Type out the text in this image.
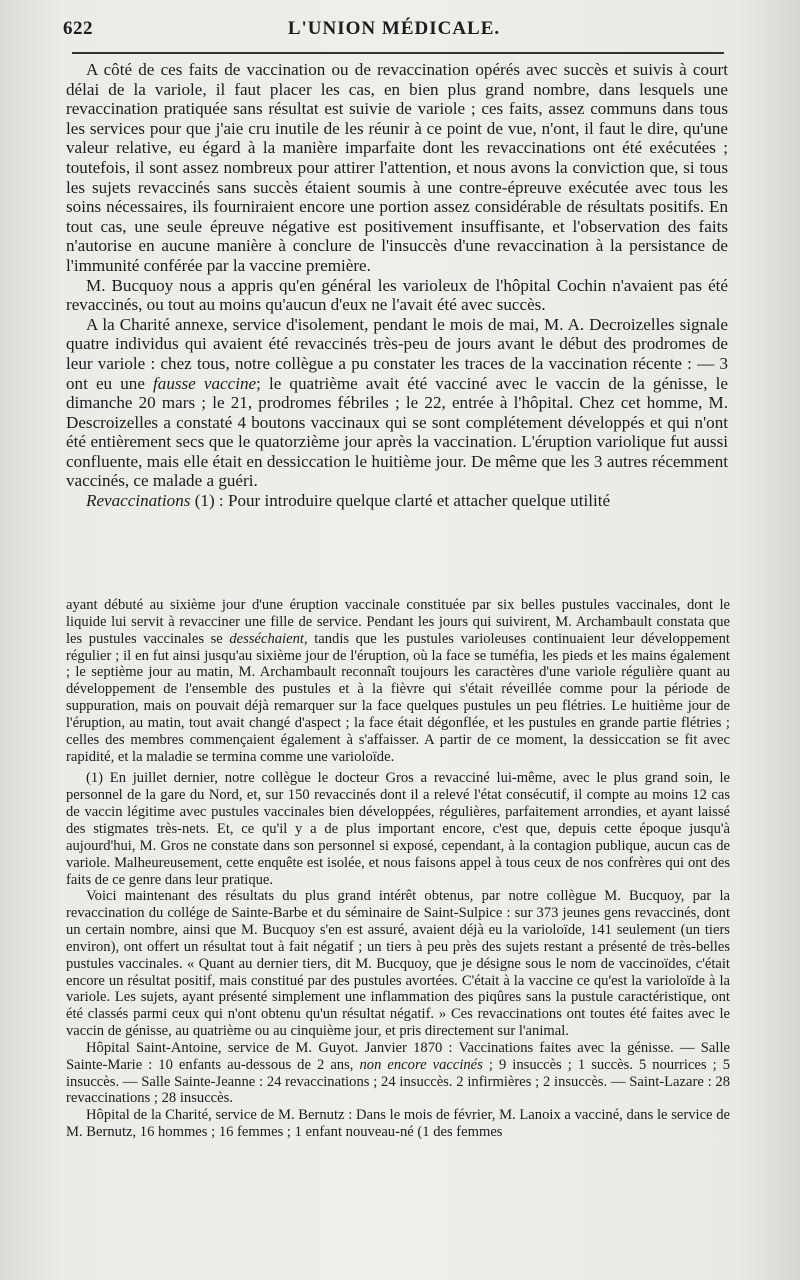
622	L'UNION MÉDICALE.

A côté de ces faits de vaccination ou de revaccination opérés avec succès et suivis à court délai de la variole, il faut placer les cas, en bien plus grand nombre, dans lesquels une revaccination pratiquée sans résultat est suivie de variole ; ces faits, assez communs dans tous les services pour que j'aie cru inutile de les réunir à ce point de vue, n'ont, il faut le dire, qu'une valeur relative, eu égard à la manière imparfaite dont les revaccinations ont été exécutées ; toutefois, il sont assez nombreux pour attirer l'attention, et nous avons la conviction que, si tous les sujets revaccinés sans succès étaient soumis à une contre-épreuve exécutée avec tous les soins nécessaires, ils fourniraient encore une portion assez considérable de résultats positifs. En tout cas, une seule épreuve négative est positivement insuffisante, et l'observation des faits n'autorise en aucune manière à conclure de l'insuccès d'une revaccination à la persistance de l'immunité conférée par la vaccine première.

M. Bucquoy nous a appris qu'en général les varioleux de l'hôpital Cochin n'avaient pas été revaccinés, ou tout au moins qu'aucun d'eux ne l'avait été avec succès.

A la Charité annexe, service d'isolement, pendant le mois de mai, M. A. Decroizelles signale quatre individus qui avaient été revaccinés très-peu de jours avant le début des prodromes de leur variole : chez tous, notre collègue a pu constater les traces de la vaccination récente : — 3 ont eu une fausse vaccine; le quatrième avait été vacciné avec le vaccin de la génisse, le dimanche 20 mars ; le 21, prodromes fébriles ; le 22, entrée à l'hôpital. Chez cet homme, M. Descroizelles a constaté 4 boutons vaccinaux qui se sont complétement développés et qui n'ont été entièrement secs que le quatorzième jour après la vaccination. L'éruption variolique fut aussi confluente, mais elle était en dessiccation le huitième jour. De même que les 3 autres récemment vaccinés, ce malade a guéri.

Revaccinations (1) : Pour introduire quelque clarté et attacher quelque utilité

ayant débuté au sixième jour d'une éruption vaccinale constituée par six belles pustules vaccinales, dont le liquide lui servit à revacciner une fille de service. Pendant les jours qui suivirent, M. Archambault constata que les pustules vaccinales se desséchaient, tandis que les pustules varioleuses continuaient leur développement régulier ; il en fut ainsi jusqu'au sixième jour de l'éruption, où la face se tuméfia, les pieds et les mains également ; le septième jour au matin, M. Archambault reconnaît toujours les caractères d'une variole régulière quant au développement de l'ensemble des pustules et à la fièvre qui s'était réveillée comme pour la période de suppuration, mais on pouvait déjà remarquer sur la face quelques pustules un peu flétries. Le huitième jour de l'éruption, au matin, tout avait changé d'aspect ; la face était dégonflée, et les pustules en grande partie flétries ; celles des membres commençaient également à s'affaisser. A partir de ce moment, la dessiccation se fit avec rapidité, et la maladie se termina comme une varioloïde.

(1) En juillet dernier, notre collègue le docteur Gros a revacciné lui-même, avec le plus grand soin, le personnel de la gare du Nord, et, sur 150 revaccinés dont il a relevé l'état consécutif, il compte au moins 12 cas de vaccin légitime avec pustules vaccinales bien développées, régulières, parfaitement arrondies, et ayant laissé des stigmates très-nets. Et, ce qu'il y a de plus important encore, c'est que, depuis cette époque jusqu'à aujourd'hui, M. Gros ne constate dans son personnel si exposé, cependant, à la contagion publique, aucun cas de variole. Malheureusement, cette enquête est isolée, et nous faisons appel à tous ceux de nos confrères qui ont des faits de ce genre dans leur pratique.

Voici maintenant des résultats du plus grand intérêt obtenus, par notre collègue M. Bucquoy, par la revaccination du collége de Sainte-Barbe et du séminaire de Saint-Sulpice : sur 373 jeunes gens revaccinés, dont un certain nombre, ainsi que M. Bucquoy s'en est assuré, avaient déjà eu la varioloïde, 141 seulement (un tiers environ), ont offert un résultat tout à fait négatif ; un tiers à peu près des sujets restant a présenté de très-belles pustules vaccinales. « Quant au dernier tiers, dit M. Bucquoy, que je désigne sous le nom de vaccinoïdes, c'était encore un résultat positif, mais constitué par des pustules avortées. C'était à la vaccine ce qu'est la varioloïde à la variole. Les sujets, ayant présenté simplement une inflammation des piqûres sans la pustule caractéristique, ont été classés parmi ceux qui n'ont obtenu qu'un résultat négatif. » Ces revaccinations ont toutes été faites avec le vaccin de génisse, au quatrième ou au cinquième jour, et pris directement sur l'animal.

Hôpital Saint-Antoine, service de M. Guyot. Janvier 1870 : Vaccinations faites avec la génisse. — Salle Sainte-Marie : 10 enfants au-dessous de 2 ans, non encore vaccinés ; 9 insuccès ; 1 succès. 5 nourrices ; 5 insuccès. — Salle Sainte-Jeanne : 24 revaccinations ; 24 insuccès. 2 infirmières ; 2 insuccès. — Saint-Lazare : 28 revaccinations ; 28 insuccès.

Hôpital de la Charité, service de M. Bernutz : Dans le mois de février, M. Lanoix a vacciné, dans le service de M. Bernutz, 16 hommes ; 16 femmes ; 1 enfant nouveau-né (1 des femmes
